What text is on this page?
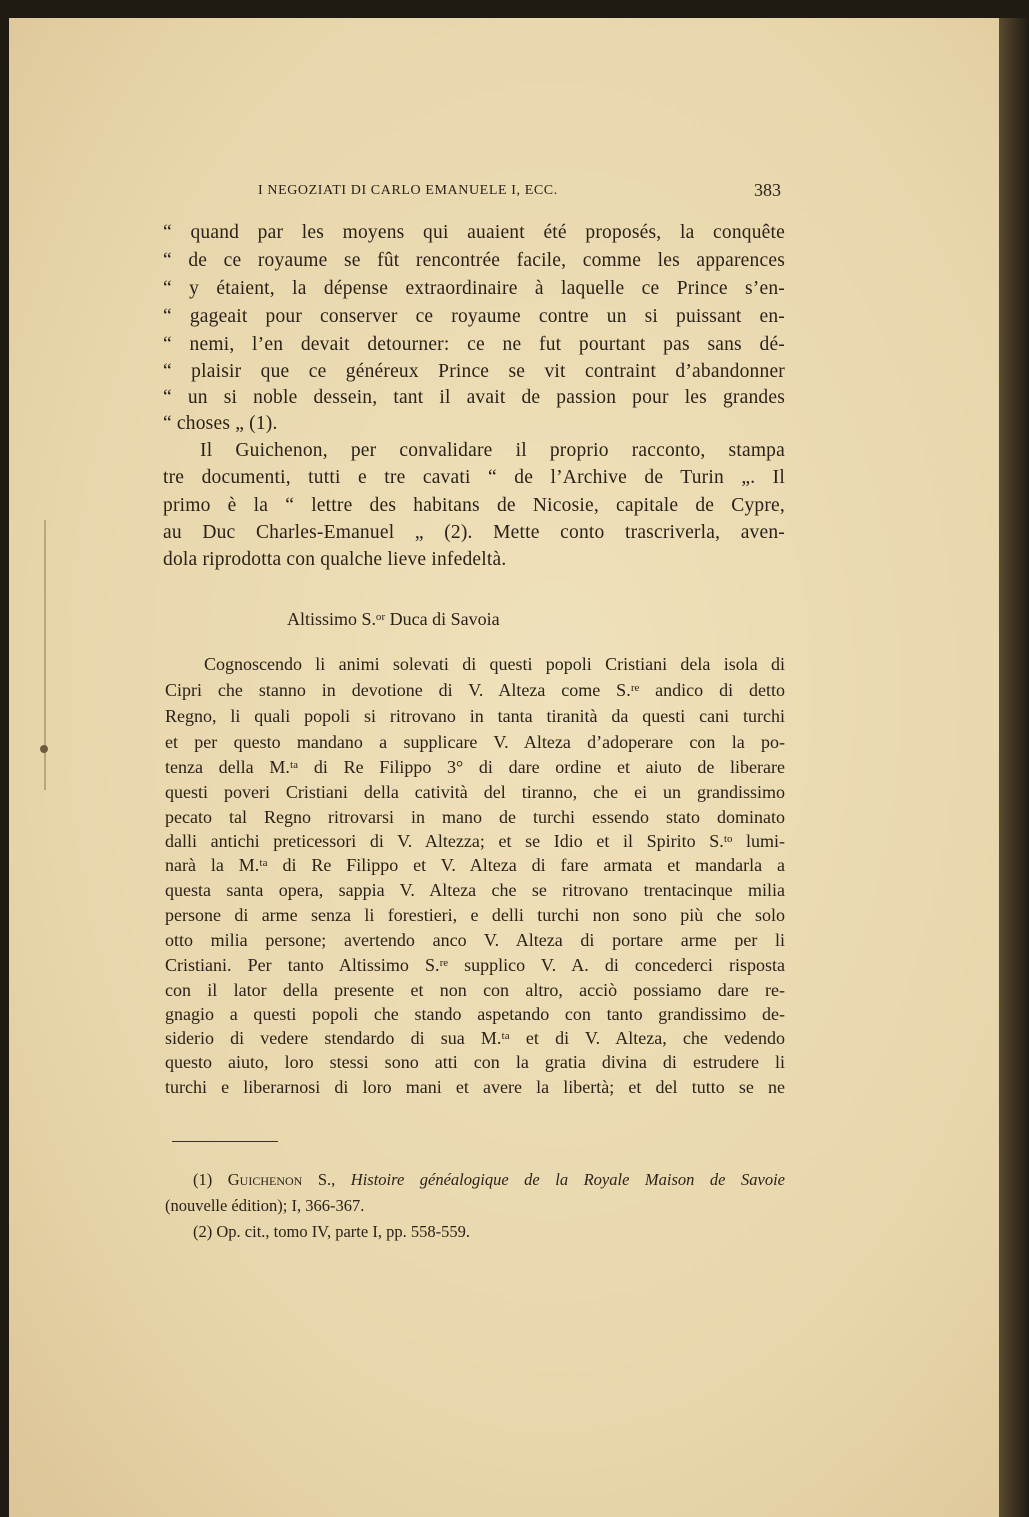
I NEGOZIATI DI CARLO EMANUELE I, ECC.	383
“ quand par les moyens qui auaient été proposés, la conquête
“ de ce royaume se fût rencontrée facile, comme les apparences
“ y étaient, la dépense extraordinaire à laquelle ce Prince s’en-
“ gageait pour conserver ce royaume contre un si puissant en-
“ nemi, l’en devait detourner: ce ne fut pourtant pas sans dé-
“ plaisir que ce généreux Prince se vit contraint d’abandonner
“ un si noble dessein, tant il avait de passion pour les grandes
“ choses „ (1).
Il Guichenon, per convalidare il proprio racconto, stampa
tre documenti, tutti e tre cavati “ de l’Archive de Turin „. Il
primo è la “ lettre des habitans de Nicosie, capitale de Cypre,
au Duc Charles-Emanuel „ (2). Mette conto trascriverla, aven-
dola riprodotta con qualche lieve infedeltà.
Altissimo S.ᵒʳ Duca di Savoia
Cognoscendo li animi solevati di questi popoli Cristiani dela isola di
Cipri che stanno in devotione di V. Alteza come S.ʳᵉ andico di detto
Regno, li quali popoli si ritrovano in tanta tiranità da questi cani turchi
et per questo mandano a supplicare V. Alteza d’adoperare con la po-
tenza della M.ᵗᵃ di Re Filippo 3° di dare ordine et aiuto de liberare
questi poveri Cristiani della catività del tiranno, che ei un grandissimo
pecato tal Regno ritrovarsi in mano de turchi essendo stato dominato
dalli antichi preticessori di V. Altezza; et se Idio et il Spirito S.ᵗᵒ lumi-
narà la M.ᵗᵃ di Re Filippo et V. Alteza di fare armata et mandarla a
questa santa opera, sappia V. Alteza che se ritrovano trentacinque milia
persone di arme senza li forestieri, e delli turchi non sono più che solo
otto milia persone; avertendo anco V. Alteza di portare arme per li
Cristiani. Per tanto Altissimo S.ʳᵉ supplico V. A. di concederci risposta
con il lator della presente et non con altro, acciò possiamo dare re-
gnagio a questi popoli che stando aspetando con tanto grandissimo de-
siderio di vedere stendardo di sua M.ᵗᵃ et di V. Alteza, che vedendo
questo aiuto, loro stessi sono atti con la gratia divina di estrudere li
turchi e liberarnosi di loro mani et avere la libertà; et del tutto se ne
(1) Guichenon S., Histoire généalogique de la Royale Maison de Savoie
(nouvelle édition); I, 366-367.
(2) Op. cit., tomo IV, parte I, pp. 558-559.
